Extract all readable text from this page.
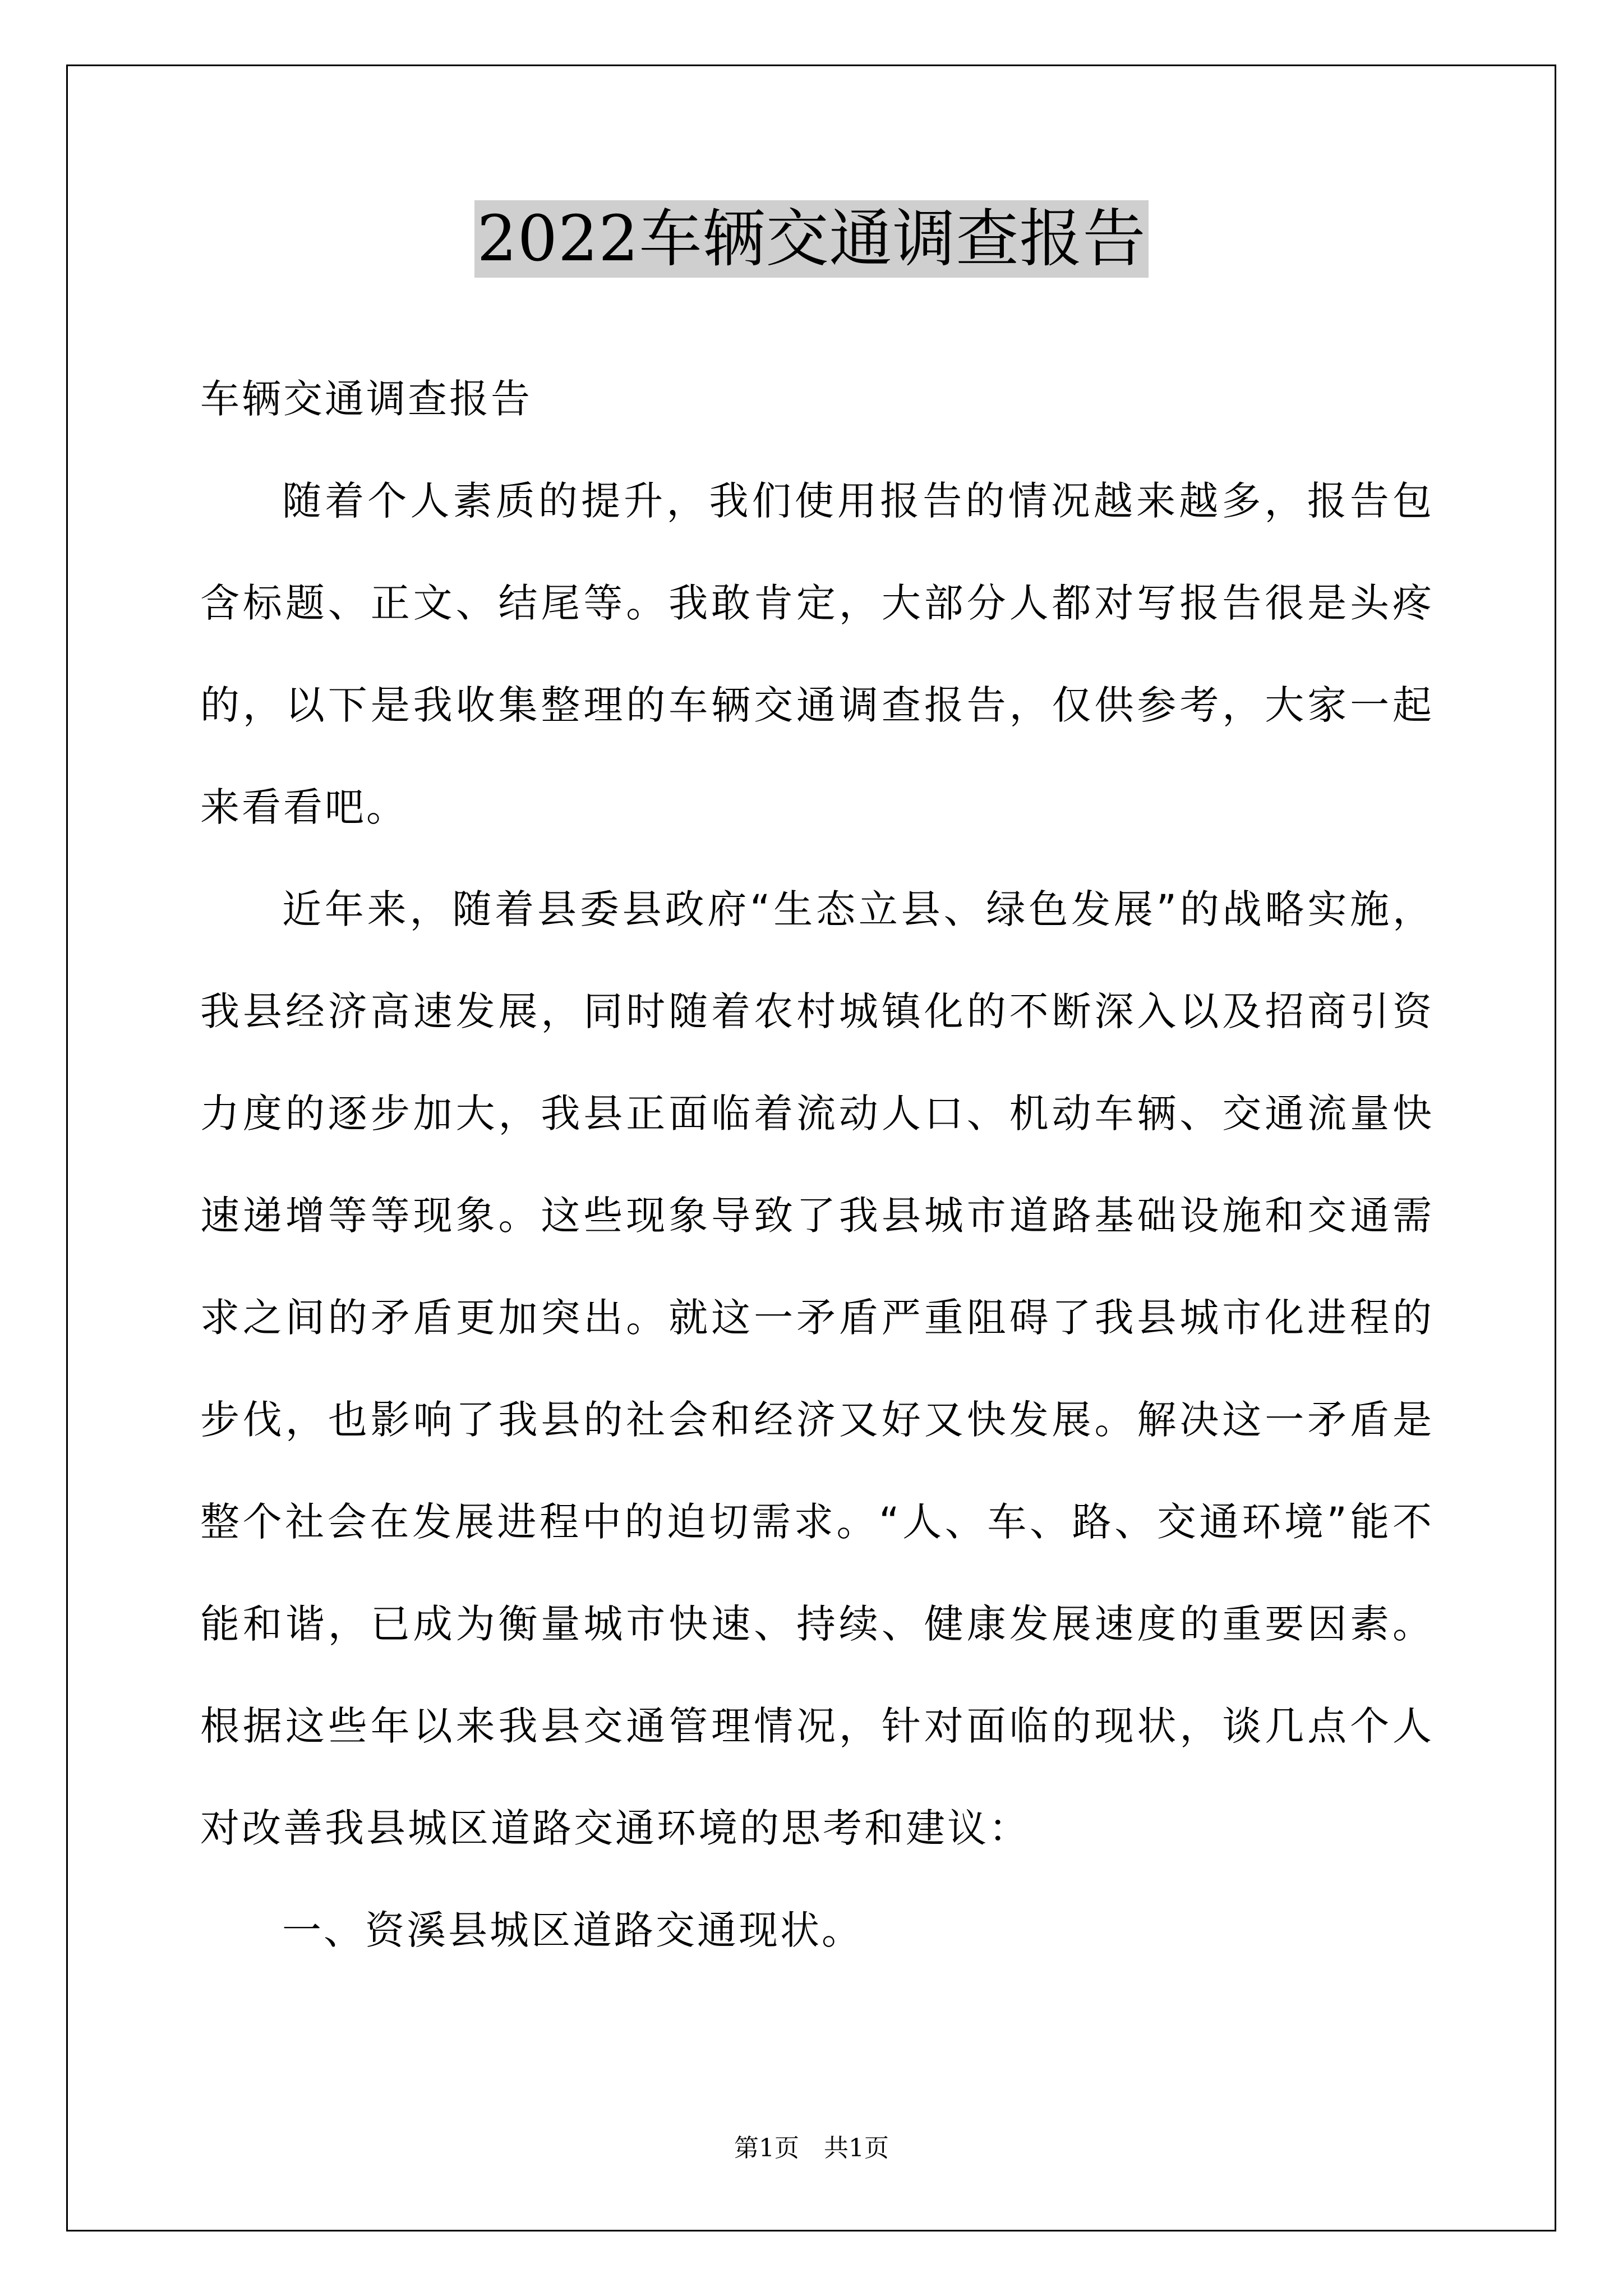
2022车辆交通调查报告

车辆交通调查报告

随着个人素质的提升，我们使用报告的情况越来越多，报告包含标题、正文、结尾等。我敢肯定，大部分人都对写报告很是头疼的，以下是我收集整理的车辆交通调查报告，仅供参考，大家一起来看看吧。

近年来，随着县委县政府“生态立县、绿色发展”的战略实施，我县经济高速发展，同时随着农村城镇化的不断深入以及招商引资力度的逐步加大，我县正面临着流动人口、机动车辆、交通流量快速递增等等现象。这些现象导致了我县城市道路基础设施和交通需求之间的矛盾更加突出。就这一矛盾严重阻碍了我县城市化进程的步伐，也影响了我县的社会和经济又好又快发展。解决这一矛盾是整个社会在发展进程中的迫切需求。“人、车、路、交通环境”能不能和谐，已成为衡量城市快速、持续、健康发展速度的重要因素。根据这些年以来我县交通管理情况，针对面临的现状，谈几点个人对改善我县城区道路交通环境的思考和建议：

一、资溪县城区道路交通现状。

第1页 共1页
